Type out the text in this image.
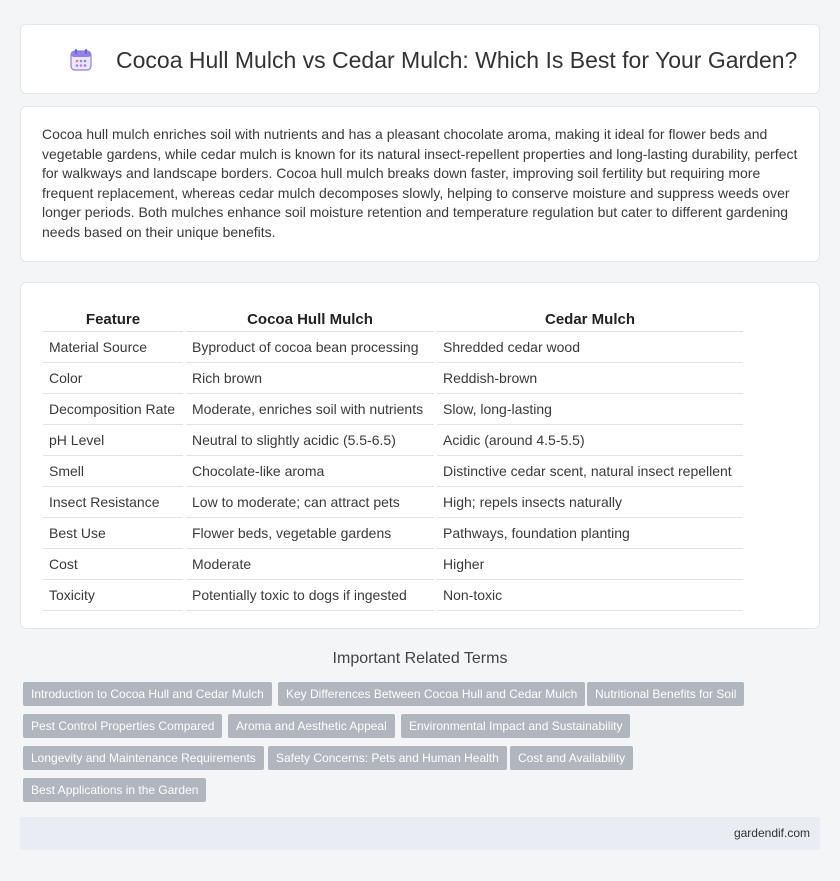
Cocoa Hull Mulch vs Cedar Mulch: Which Is Best for Your Garden?

Cocoa hull mulch enriches soil with nutrients and has a pleasant chocolate aroma, making it ideal for flower beds and vegetable gardens, while cedar mulch is known for its natural insect-repellent properties and long-lasting durability, perfect for walkways and landscape borders. Cocoa hull mulch breaks down faster, improving soil fertility but requiring more frequent replacement, whereas cedar mulch decomposes slowly, helping to conserve moisture and suppress weeds over longer periods. Both mulches enhance soil moisture retention and temperature regulation but cater to different gardening needs based on their unique benefits.

Feature		Cocoa Hull Mulch		Cedar Mulch
Material Source		Byproduct of cocoa bean processing		Shredded cedar wood
Color		Rich brown		Reddish-brown
Decomposition Rate		Moderate, enriches soil with nutrients		Slow, long-lasting
pH Level		Neutral to slightly acidic (5.5-6.5)		Acidic (around 4.5-5.5)
Smell		Chocolate-like aroma		Distinctive cedar scent, natural insect repellent
Insect Resistance		Low to moderate; can attract pets		High; repels insects naturally
Best Use		Flower beds, vegetable gardens		Pathways, foundation planting
Cost		Moderate		Higher
Toxicity		Potentially toxic to dogs if ingested		Non-toxic
Important Related Terms
Introduction to Cocoa Hull and Cedar Mulch	Key Differences Between Cocoa Hull and Cedar Mulch	Nutritional Benefits for Soil
Pest Control Properties Compared	Aroma and Aesthetic Appeal	Environmental Impact and Sustainability
Longevity and Maintenance Requirements	Safety Concerns: Pets and Human Health	Cost and Availability
Best Applications in the Garden
gardendif.com
